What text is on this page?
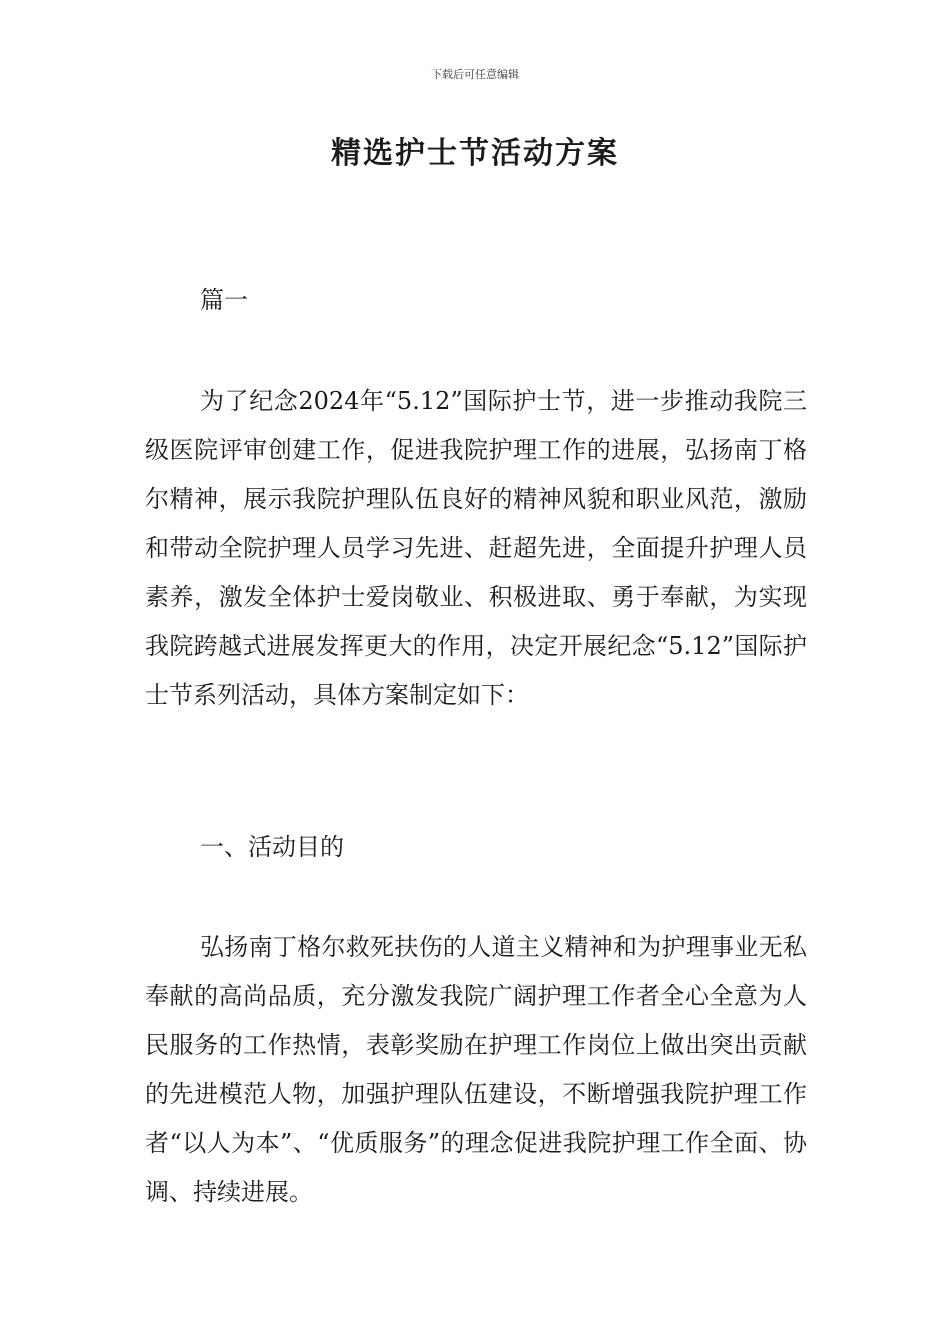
下载后可任意编辑
精选护士节活动方案

篇一

为了纪念2024年“5.12”国际护士节，进一步推动我院三级医院评审创建工作，促进我院护理工作的进展，弘扬南丁格尔精神，展示我院护理队伍良好的精神风貌和职业风范，激励和带动全院护理人员学习先进、赶超先进，全面提升护理人员素养，激发全体护士爱岗敬业、积极进取、勇于奉献，为实现我院跨越式进展发挥更大的作用，决定开展纪念“5.12”国际护士节系列活动，具体方案制定如下：

一、活动目的

弘扬南丁格尔救死扶伤的人道主义精神和为护理事业无私奉献的高尚品质，充分激发我院广阔护理工作者全心全意为人民服务的工作热情，表彰奖励在护理工作岗位上做出突出贡献的先进模范人物，加强护理队伍建设，不断增强我院护理工作者“以人为本”、“优质服务”的理念促进我院护理工作全面、协调、持续进展。
